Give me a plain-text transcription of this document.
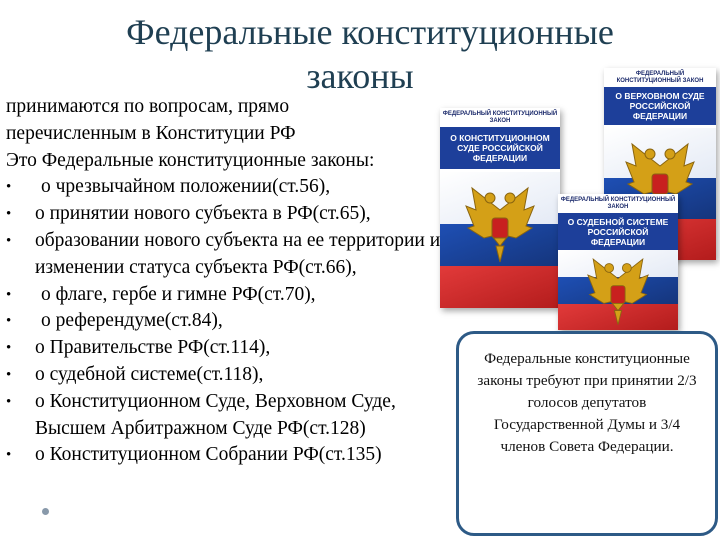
Федеральные конституционные
законы

принимаются по вопросам, прямо

перечисленным в Конституции РФ

Это Федеральные конституционные законы:

• о чрезвычайном положении(ст.56),
• о принятии нового субъекта в РФ(ст.65),
• образовании нового субъекта на ее территории и изменении статуса субъекта РФ(ст.66),
• о флаге, гербе и гимне РФ(ст.70),
• о референдуме(ст.84),
• о Правительстве РФ(ст.114),
• о судебной системе(ст.118),
• о Конституционном Суде, Верховном Суде, Высшем Арбитражном Суде РФ(ст.128)
• о Конституционном Собрании РФ(ст.135)
ФЕДЕРАЛЬНЫЙ КОНСТИТУЦИОННЫЙ ЗАКОН
О КОНСТИТУЦИОННОМ СУДЕ РОССИЙСКОЙ ФЕДЕРАЦИИ
ФЕДЕРАЛЬНЫЙ КОНСТИТУЦИОННЫЙ ЗАКОН
О ВЕРХОВНОМ СУДЕ РОССИЙСКОЙ ФЕДЕРАЦИИ
ФЕДЕРАЛЬНЫЙ КОНСТИТУЦИОННЫЙ ЗАКОН
О СУДЕБНОЙ СИСТЕМЕ РОССИЙСКОЙ ФЕДЕРАЦИИ
Федеральные конституционные законы требуют при принятии 2/3 голосов депутатов Государственной Думы и 3/4 членов Совета Федерации.
